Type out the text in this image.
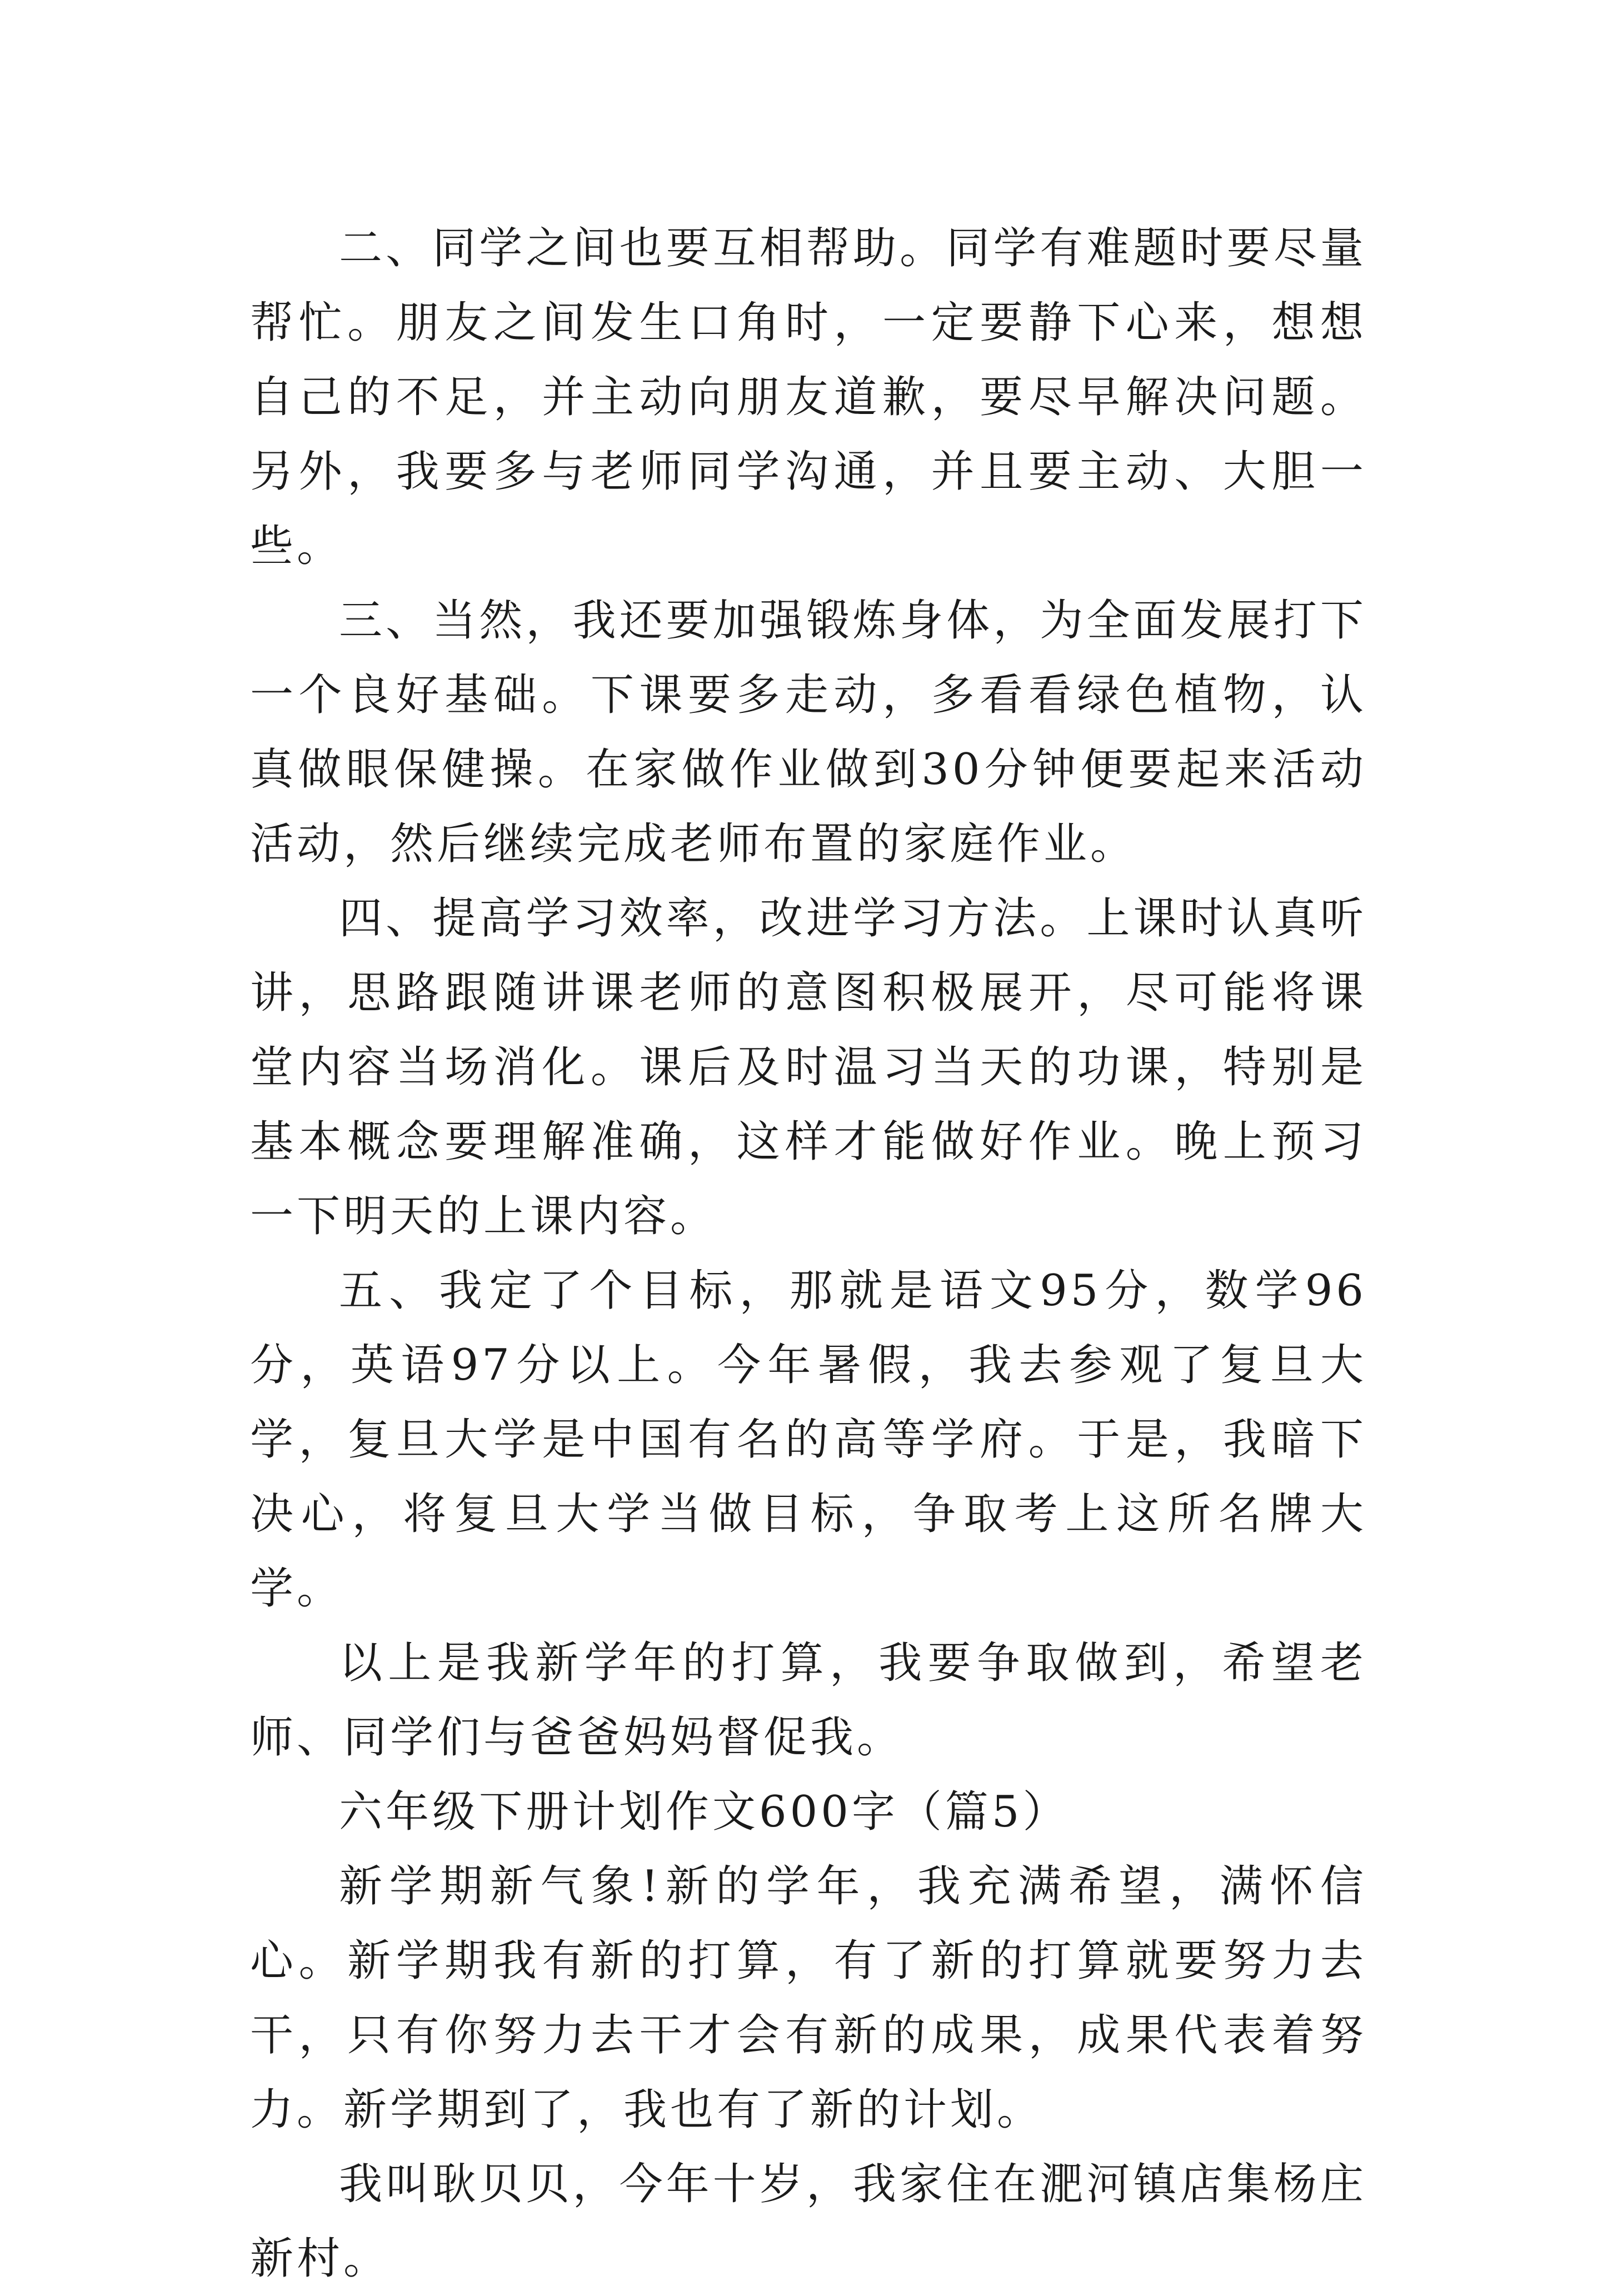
二、同学之间也要互相帮助。同学有难题时要尽量帮忙。朋友之间发生口角时，一定要静下心来，想想自己的不足，并主动向朋友道歉，要尽早解决问题。另外，我要多与老师同学沟通，并且要主动、大胆一些。

三、当然，我还要加强锻炼身体，为全面发展打下一个良好基础。下课要多走动，多看看绿色植物，认真做眼保健操。在家做作业做到30分钟便要起来活动活动，然后继续完成老师布置的家庭作业。

四、提高学习效率，改进学习方法。上课时认真听讲，思路跟随讲课老师的意图积极展开，尽可能将课堂内容当场消化。课后及时温习当天的功课，特别是基本概念要理解准确，这样才能做好作业。晚上预习一下明天的上课内容。

五、我定了个目标，那就是语文95分，数学96分，英语97分以上。今年暑假，我去参观了复旦大学，复旦大学是中国有名的高等学府。于是，我暗下决心，将复旦大学当做目标，争取考上这所名牌大学。

以上是我新学年的打算，我要争取做到，希望老师、同学们与爸爸妈妈督促我。

六年级下册计划作文600字（篇5）

新学期新气象!新的学年，我充满希望，满怀信心。新学期我有新的打算，有了新的打算就要努力去干，只有你努力去干才会有新的成果，成果代表着努力。新学期到了，我也有了新的计划。

我叫耿贝贝，今年十岁，我家住在淝河镇店集杨庄新村。
